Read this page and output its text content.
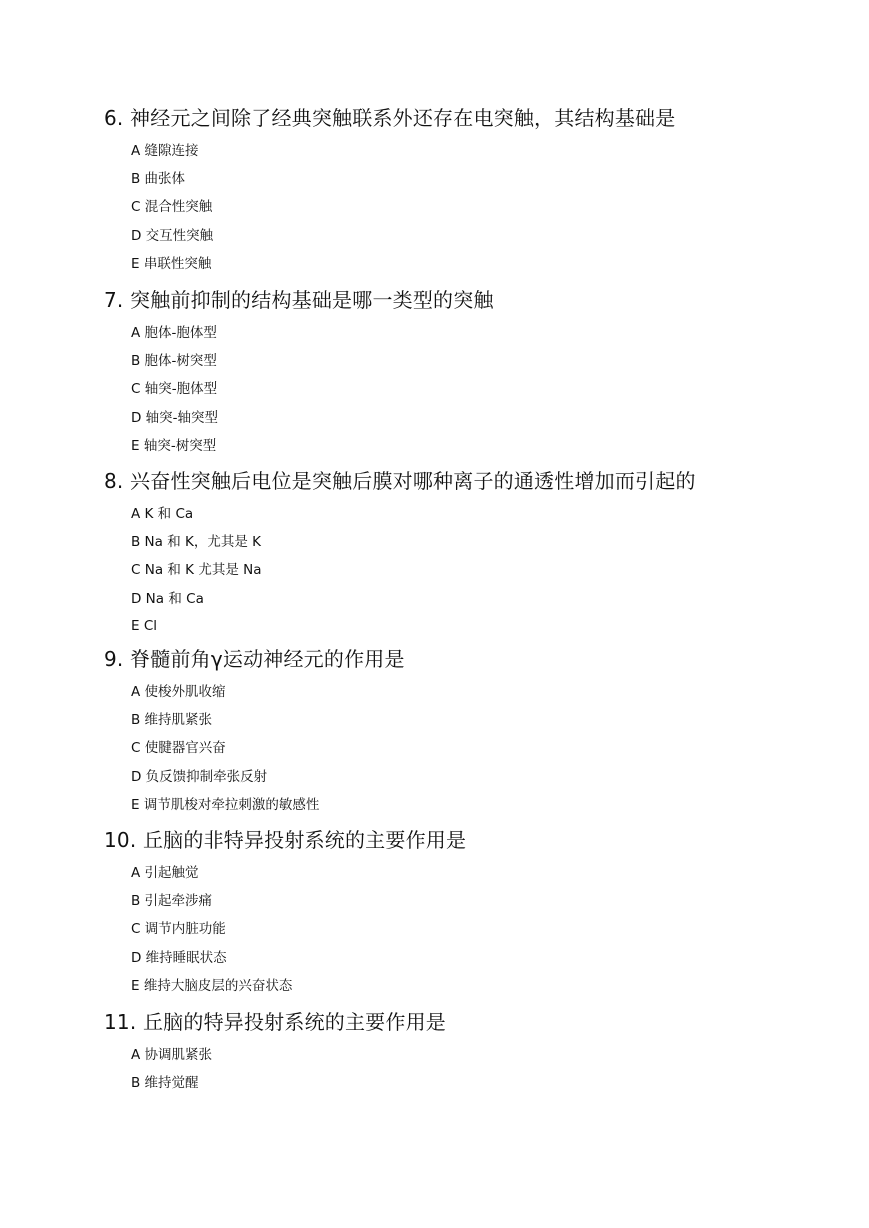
6. 神经元之间除了经典突触联系外还存在电突触，其结构基础是
A 缝隙连接
B 曲张体
C 混合性突触
D 交互性突触
E 串联性突触
7. 突触前抑制的结构基础是哪一类型的突触
A 胞体-胞体型
B 胞体-树突型
C 轴突-胞体型
D 轴突-轴突型
E 轴突-树突型
8. 兴奋性突触后电位是突触后膜对哪种离子的通透性增加而引起的
A K 和 Ca
B Na 和 K，尤其是 K
C Na 和 K 尤其是 Na
D Na 和 Ca
E Cl
9. 脊髓前角γ运动神经元的作用是
A 使梭外肌收缩
B 维持肌紧张
C 使腱器官兴奋
D 负反馈抑制牵张反射
E 调节肌梭对牵拉刺激的敏感性
10. 丘脑的非特异投射系统的主要作用是
A 引起触觉
B 引起牵涉痛
C 调节内脏功能
D 维持睡眠状态
E 维持大脑皮层的兴奋状态
11. 丘脑的特异投射系统的主要作用是
A 协调肌紧张
B 维持觉醒
